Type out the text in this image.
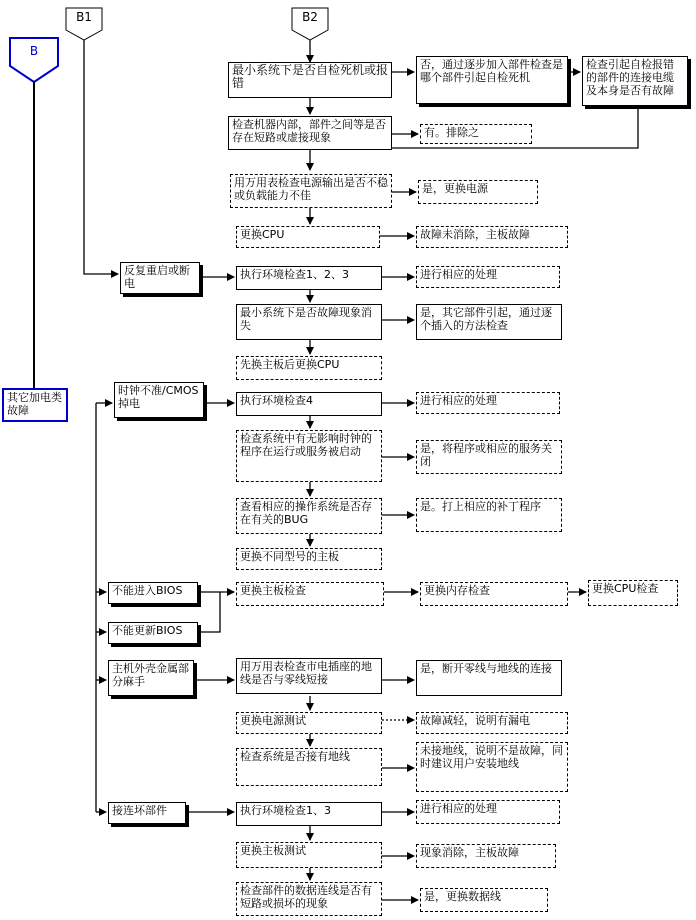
B1	B2
B
其它加电类故障
最小系统下是否自检死机或报错
否，通过逐步加入部件检查是哪个部件引起自检死机
检查引起自检报错的部件的连接电缆及本身是否有故障
检查机器内部，部件之间等是否存在短路或虚接现象	有。排除之
用万用表检查电源输出是否不稳或负载能力不佳
是，更换电源
更换CPU	故障未消除，主板故障
反复重启或断电
执行环境检查1、2、3	进行相应的处理
最小系统下是否故障现象消失
是，其它部件引起，通过逐个插入的方法检查
先换主板后更换CPU
时钟不准/CMOS掉电	执行环境检查4	进行相应的处理
检查系统中有无影响时钟的程序在运行或服务被启动	是，将程序或相应的服务关闭
查看相应的操作系统是否存在有关的BUG
是。打上相应的补丁程序
更换不同型号的主板
不能进入BIOS
不能更新BIOS
更换主板检查	更换内存检查	更换CPU检查
主机外壳金属部分麻手
用万用表检查市电插座的地线是否与零线短接
是，断开零线与地线的连接
更换电源测试	故障减轻，说明有漏电
检查系统是否接有地线	未接地线，说明不是故障，同时建议用户安装地线
接连坏部件	执行环境检查1、3	进行相应的处理
更换主板测试	现象消除，主板故障
检查部件的数据连线是否有短路或损坏的现象
是，更换数据线
